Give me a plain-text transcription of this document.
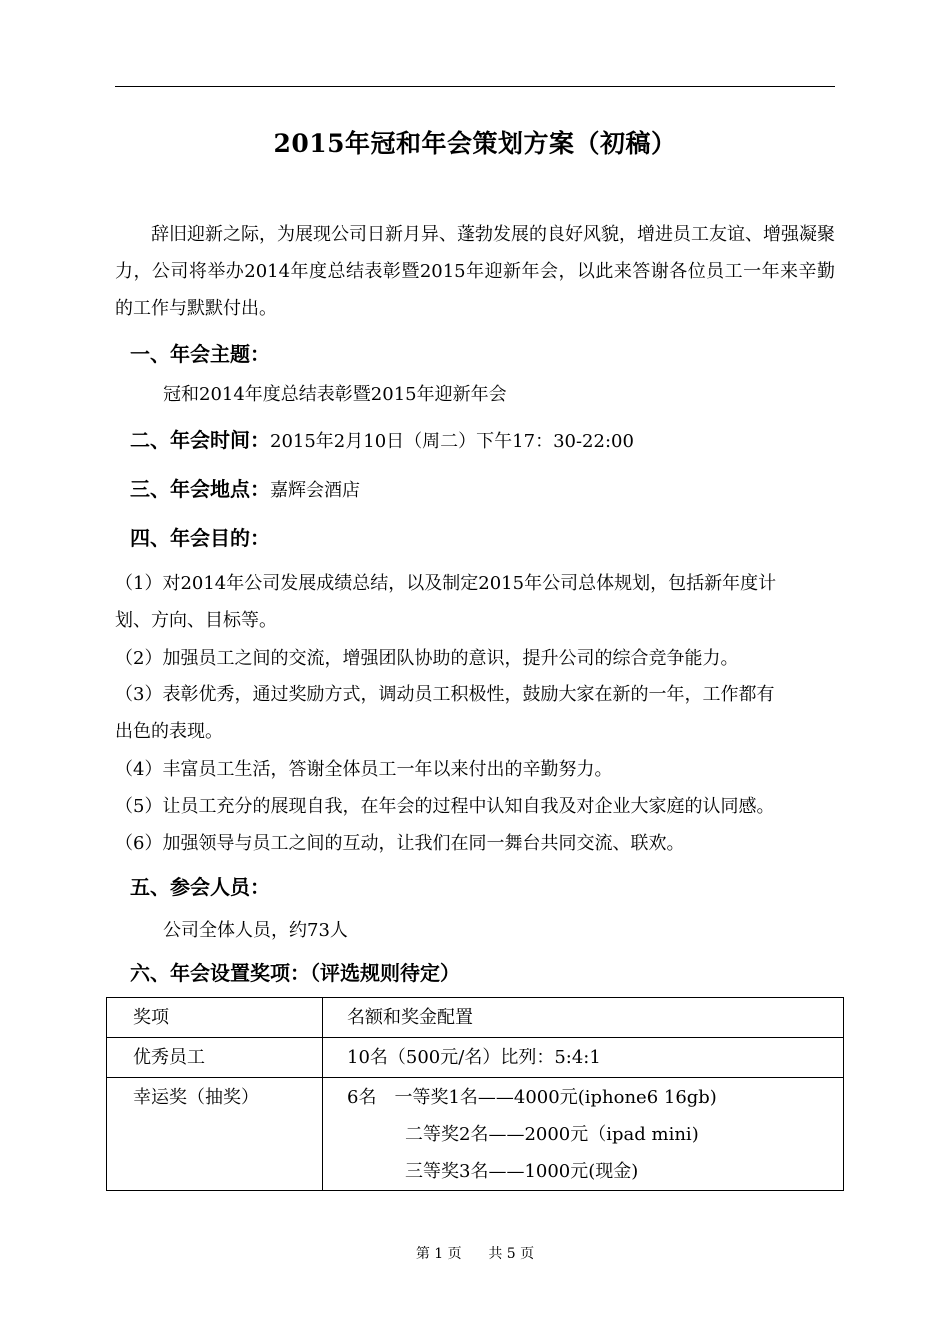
2015年冠和年会策划方案（初稿）
辞旧迎新之际，为展现公司日新月异、蓬勃发展的良好风貌，增进员工友谊、增强凝聚力，公司将举办2014年度总结表彰暨2015年迎新年会，以此来答谢各位员工一年来辛勤的工作与默默付出。
一、年会主题：
冠和2014年度总结表彰暨2015年迎新年会
二、年会时间：2015年2月10日（周二）下午17：30-22:00
三、年会地点：嘉辉会酒店
四、年会目的：
（1）对2014年公司发展成绩总结，以及制定2015年公司总体规划，包括新年度计
划、方向、目标等。
（2）加强员工之间的交流，增强团队协助的意识，提升公司的综合竞争能力。
（3）表彰优秀，通过奖励方式，调动员工积极性，鼓励大家在新的一年，工作都有
出色的表现。
（4）丰富员工生活，答谢全体员工一年以来付出的辛勤努力。
（5）让员工充分的展现自我，在年会的过程中认知自我及对企业大家庭的认同感。
（6）加强领导与员工之间的互动，让我们在同一舞台共同交流、联欢。
五、参会人员：
公司全体人员，约73人
六、年会设置奖项：（评选规则待定）
奖项	名额和奖金配置
优秀员工	10名（500元/名）比列：5:4:1

幸运奖（抽奖）	6名　一等奖1名——4000元(iphone6 16gb)
二等奖2名——2000元（ipad mini)
三等奖3名——1000元(现金)
第 1 页 共 5 页
